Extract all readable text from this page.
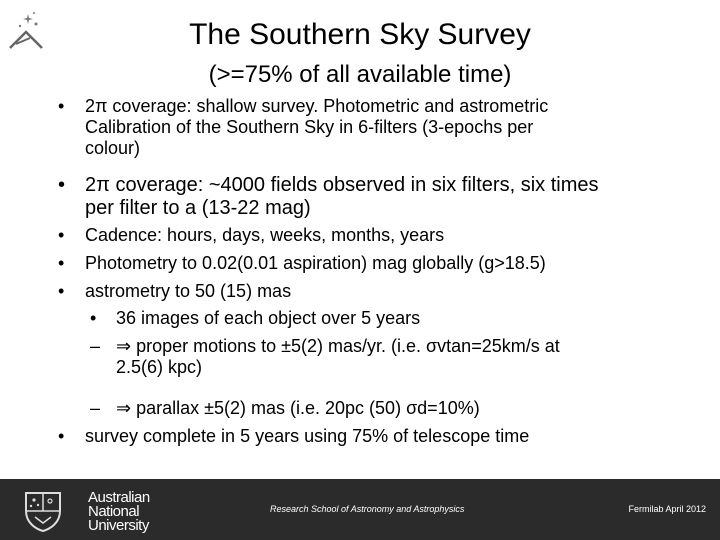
The Southern Sky Survey
(>=75% of all available time)
• 2π coverage: shallow survey. Photometric and astrometric
Calibration of the Southern Sky in 6-filters (3-epochs per
colour)
• 2π coverage: ~4000 fields observed in six filters, six times
per filter to a (13-22 mag)
• Cadence: hours, days, weeks, months, years
• Photometry to 0.02(0.01 aspiration) mag globally (g>18.5)
• astrometry to 50 (15) mas
• 36 images of each object over 5 years
– ⇒ proper motions to ±5(2) mas/yr. (i.e. σvtan=25km/s at
2.5(6) kpc)
– ⇒ parallax ±5(2) mas (i.e. 20pc (50) σd=10%)
• survey complete in 5 years using 75% of telescope time
Australian
National
University
Research School of Astronomy and Astrophysics	Fermilab April 2012
